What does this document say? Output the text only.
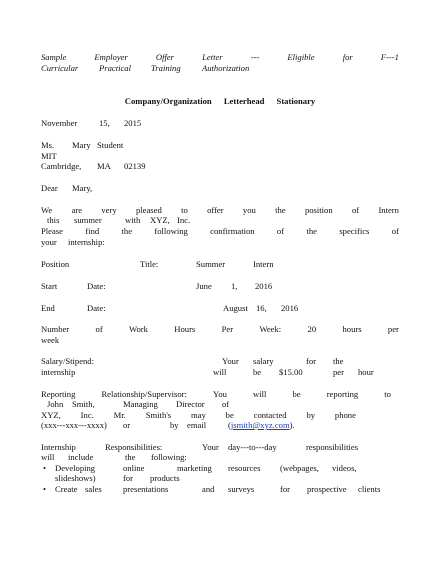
Sample	Employer	Offer	Letter	---	Eligible	for	F---1
Curricular Practical Training Authorization
Company/Organization Letterhead Stationary
November	15, 2015
Ms. Mary Student
MIT
Cambridge, MA 02139
Dear Mary,
We are very pleased to offer you the position of Intern
this summer	with XYZ, Inc.
Please	find	the	following	confirmation	of	the	specifics	of
your internship:
Position	Title:	Summer	Intern
Start	Date:	June 1, 2016
End	Date:	August 16, 2016
Number	of	Work	Hours	Per	Week:	20	hours	per
week
Salary/Stipend:	Your salary	for the
internship	will	be $15.00	per hour
Reporting	Relationship/Supervisor:	You	will	be	reporting	to
John Smith,	Managing Director of
XYZ, Inc. Mr. Smith's may be contacted by phone
(xxx---xxx---xxxx) or	by email	(jsmith@xyz.com).
Internship	Responsibilities:	Your day---to---day	responsibilities
will include	the following:
• Developing	online	marketing resources (webpages, videos,
slideshows)	for products
• Create sales presentations	and surveys	for prospective clients
